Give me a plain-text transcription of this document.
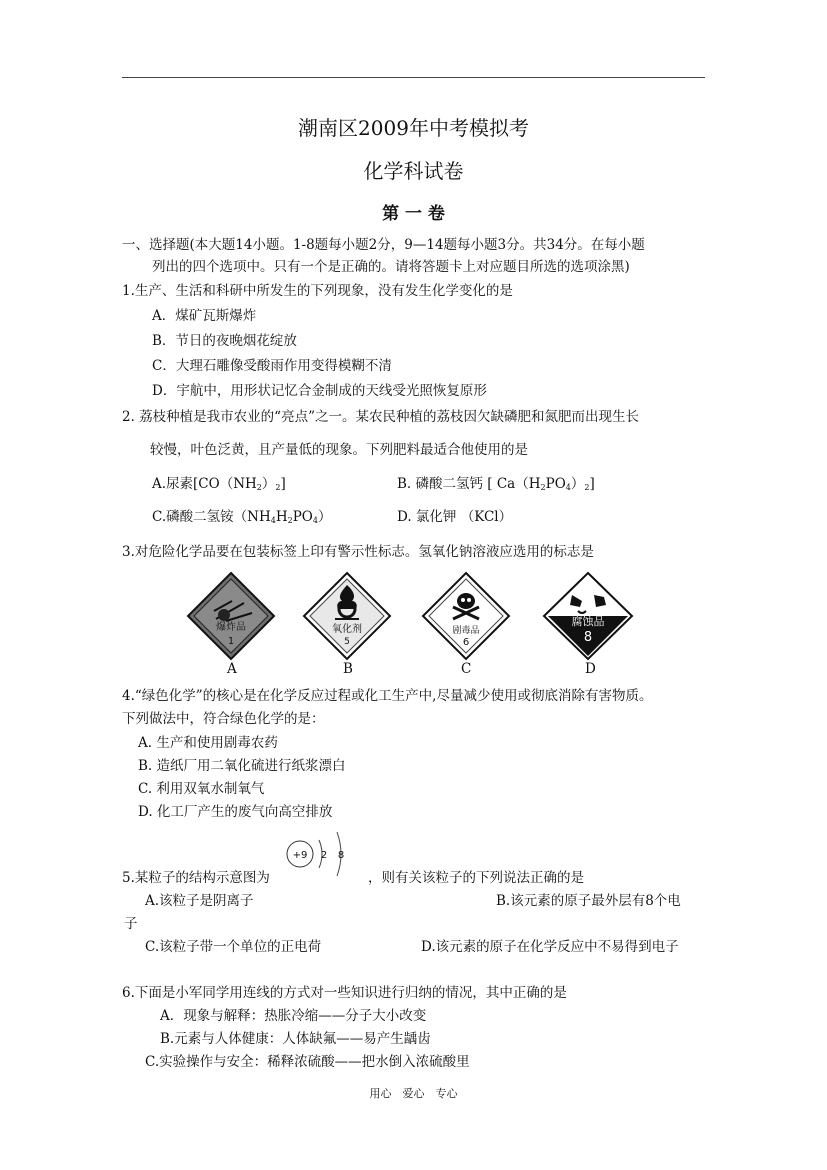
潮南区2009年中考模拟考
化学科试卷
第 一 卷
一、选择题(本大题14小题。1-8题每小题2分，9—14题每小题3分。共34分。在每小题
列出的四个选项中。只有一个是正确的。请将答题卡上对应题目所选的选项涂黑)
1.生产、生活和科研中所发生的下列现象，没有发生化学变化的是
A．煤矿瓦斯爆炸
B．节日的夜晚烟花绽放
C．大理石雕像受酸雨作用变得模糊不清
D．宇航中，用形状记忆合金制成的天线受光照恢复原形
2. 荔枝种植是我市农业的“亮点”之一。某农民种植的荔枝因欠缺磷肥和氮肥而出现生长
较慢，叶色泛黄，且产量低的现象。下列肥料最适合他使用的是
A.尿素$[CO(NH_2)_2]$	B. 磷酸二氢钙 [ $Ca(H_2PO_4)_2$]
C.磷酸二氢铵$(NH_4H_2PO_4)$	D. 氯化钾 （KCl）
3.对危险化学品要在包装标签上印有警示性标志。氢氧化钠溶液应选用的标志是
爆炸品
1
A
氧化剂
5
B
剧毒品
6
C
腐蚀品
8
D
4.“绿色化学”的核心是在化学反应过程或化工生产中,尽量减少使用或彻底消除有害物质。
下列做法中，符合绿色化学的是：
A. 生产和使用剧毒农药
B. 造纸厂用二氧化硫进行纸浆漂白
C. 利用双氧水制氧气
D. 化工厂产生的废气向高空排放
+9 2 8
5.某粒子的结构示意图为	，则有关该粒子的下列说法正确的是
A.该粒子是阴离子	B.该元素的原子最外层有8个电
子
C.该粒子带一个单位的正电荷	D.该元素的原子在化学反应中不易得到电子
6.下面是小军同学用连线的方式对一些知识进行归纳的情况，其中正确的是
A．现象与解释：热胀冷缩——分子大小改变
B.元素与人体健康：人体缺氟——易产生龋齿
C.实验操作与安全：稀释浓硫酸——把水倒入浓硫酸里
用心　爱心　专心
